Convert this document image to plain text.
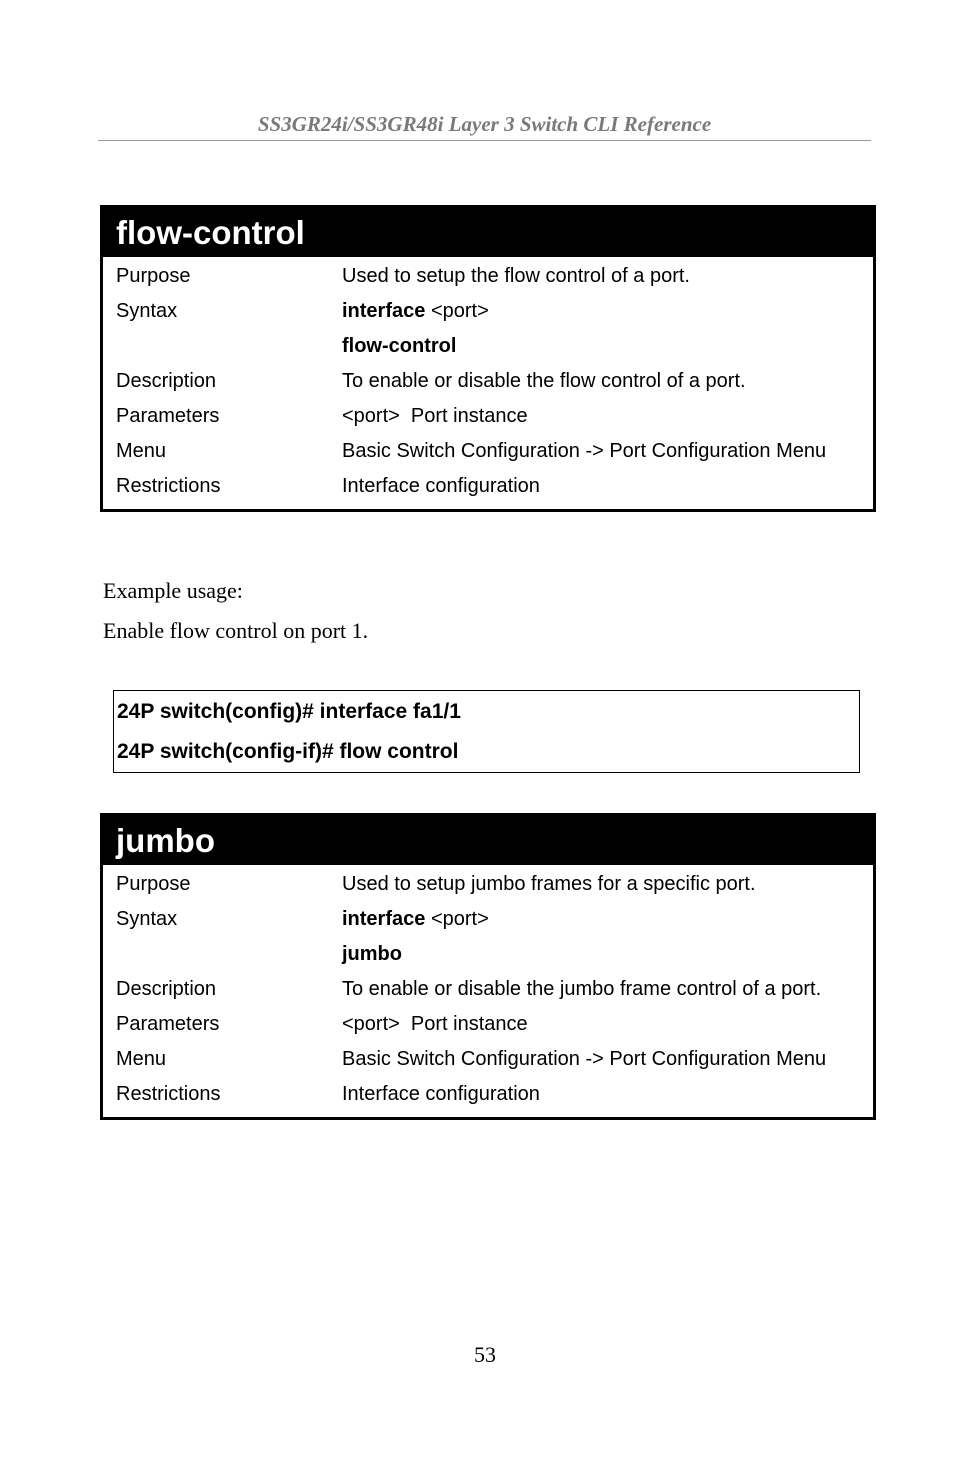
SS3GR24i/SS3GR48i Layer 3 Switch CLI Reference
flow-control
Purpose	Used to setup the flow control of a port.
Syntax	interface <port>
	flow-control
Description	To enable or disable the flow control of a port.
Parameters	<port>  Port instance
Menu	Basic Switch Configuration -> Port Configuration Menu
Restrictions	Interface configuration
Example usage:
Enable flow control on port 1.
24P switch(config)# interface fa1/1
24P switch(config-if)# flow control
jumbo
Purpose	Used to setup jumbo frames for a specific port.
Syntax	interface <port>
	jumbo
Description	To enable or disable the jumbo frame control of a port.
Parameters	<port>  Port instance
Menu	Basic Switch Configuration -> Port Configuration Menu
Restrictions	Interface configuration
53
